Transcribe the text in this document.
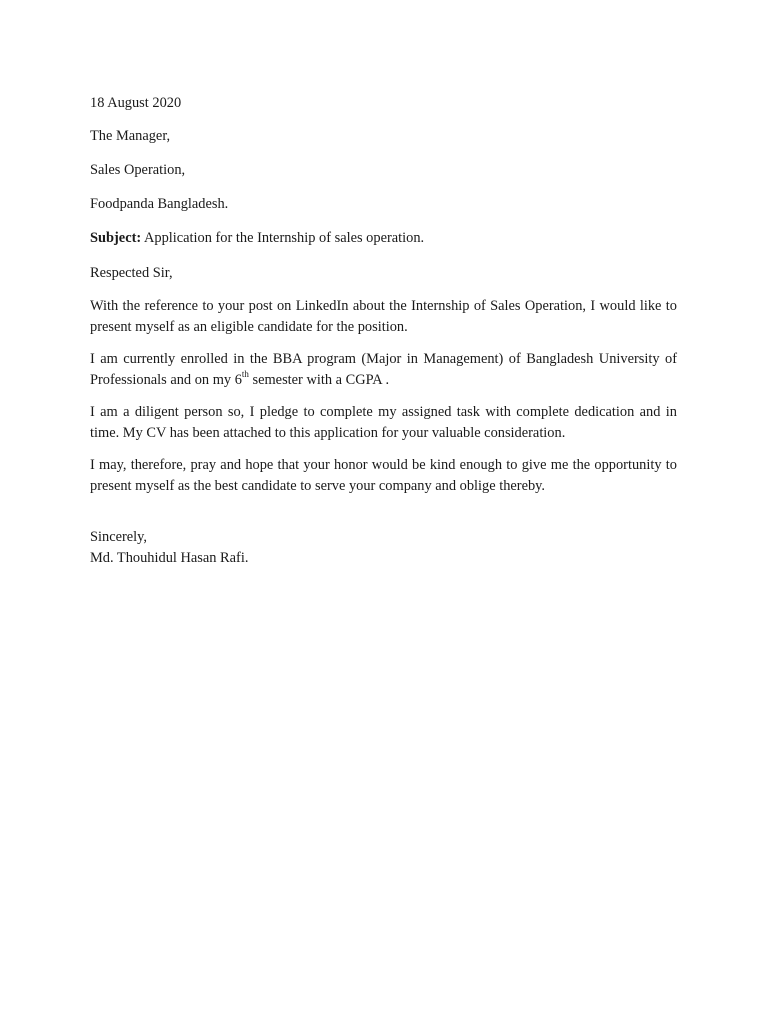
18 August 2020

The Manager,

Sales Operation,

Foodpanda Bangladesh.

Subject: Application for the Internship of sales operation.

Respected Sir,

With the reference to your post on LinkedIn about the Internship of Sales Operation, I would like to present myself as an eligible candidate for the position.

I am currently enrolled in the BBA program (Major in Management) of Bangladesh University of Professionals and on my 6th semester with a CGPA .

I am a diligent person so, I pledge to complete my assigned task with complete dedication and in time. My CV has been attached to this application for your valuable consideration.

I may, therefore, pray and hope that your honor would be kind enough to give me the opportunity to present myself as the best candidate to serve your company and oblige thereby.

Sincerely,

Md. Thouhidul Hasan Rafi.
